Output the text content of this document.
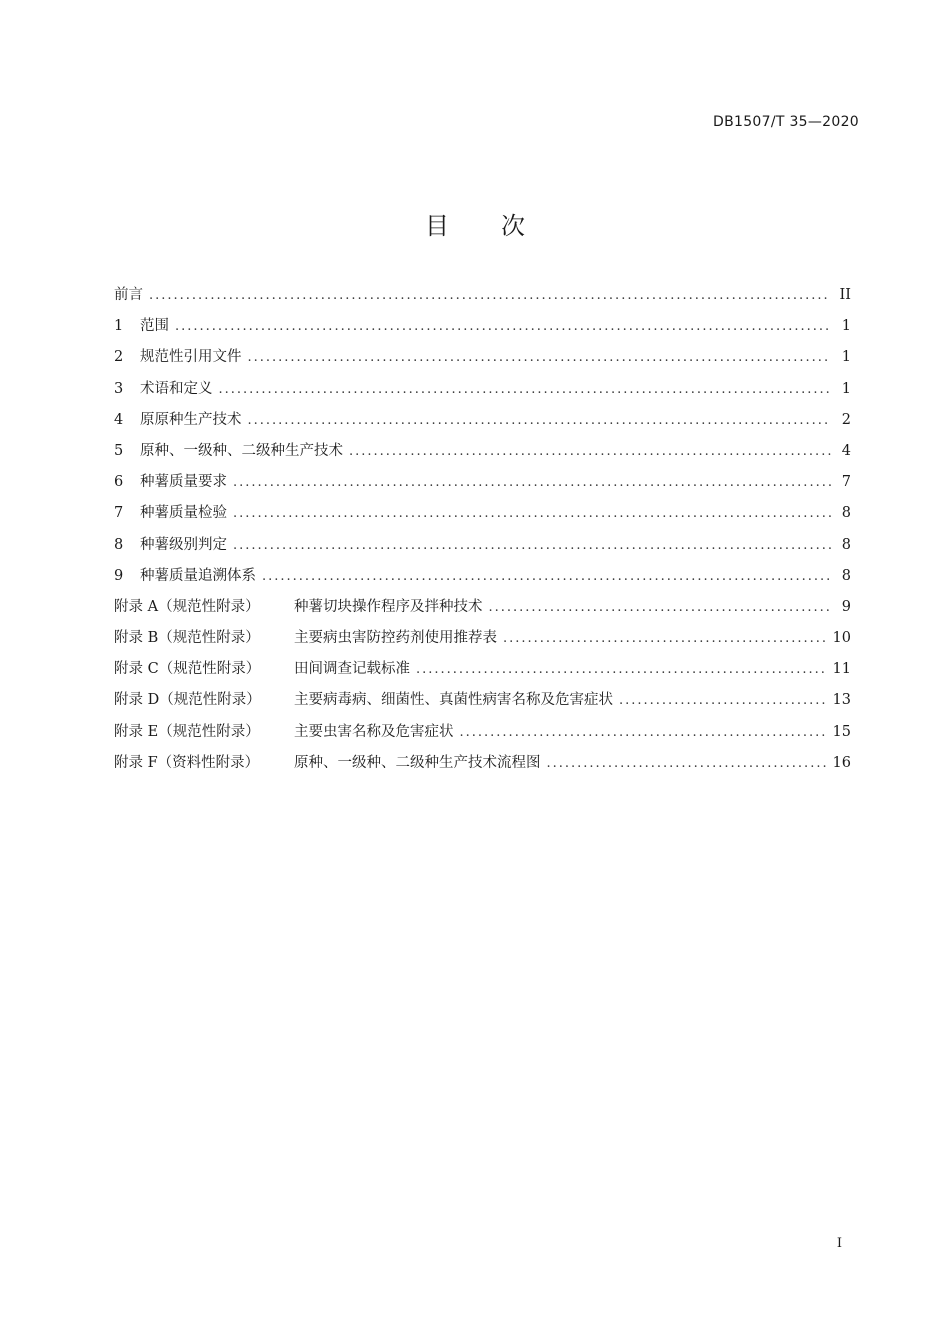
DB1507/T 35—2020
目 次
前言 .....	II
1	范围 .....	1
2	规范性引用文件 .....	1
3	术语和定义 .....	1
4	原原种生产技术 .....	2
5	原种、一级种、二级种生产技术 .....	4
6	种薯质量要求 .....	7
7	种薯质量检验 .....	8
8	种薯级别判定 .....	8
9	种薯质量追溯体系 .....	8
附录 A（规范性附录）	种薯切块操作程序及拌种技术 .....	9
附录 B（规范性附录）	主要病虫害防控药剂使用推荐表 .....	10
附录 C（规范性附录）	田间调查记载标准 .....	11
附录 D（规范性附录）	主要病毒病、细菌性、真菌性病害名称及危害症状 .....	13
附录 E（规范性附录）	主要虫害名称及危害症状 .....	15
附录 F（资料性附录）	原种、一级种、二级种生产技术流程图 .....	16
I
